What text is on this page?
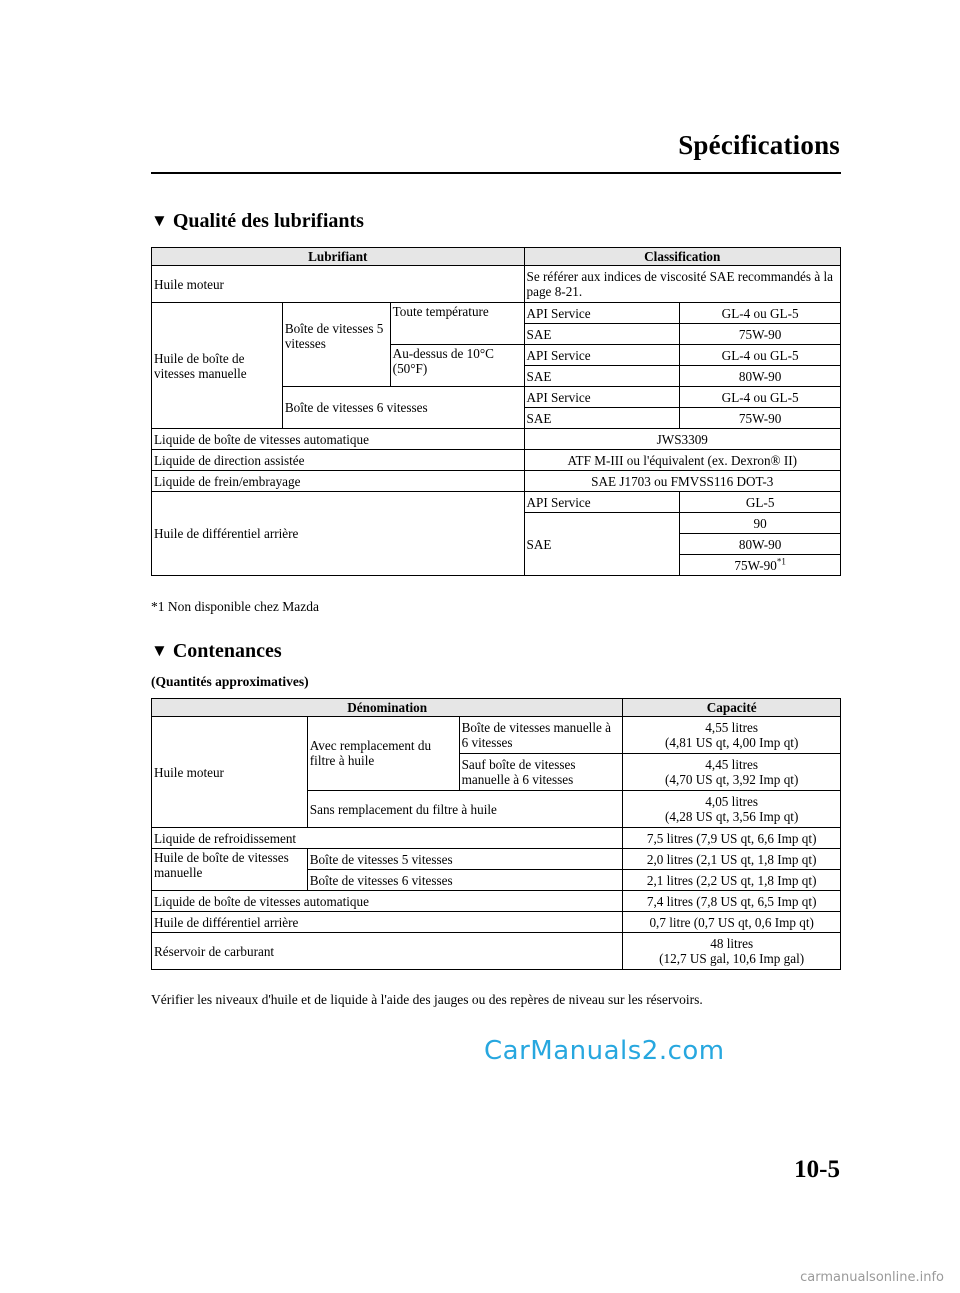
Spécifications
▼ Qualité des lubrifiants
Lubrifiant			Classification	
Huile moteur			Se référer aux indices de viscosité SAE recommandés à la page 8-21.	
Huile de boîte de vitesses manuelle	Boîte de vitesses 5 vitesses	Toute température	API Service	GL-4 ou GL-5
			SAE	75W-90
		Au-dessus de 10°C (50°F)	API Service	GL-4 ou GL-5
			SAE	80W-90
	Boîte de vitesses 6 vitesses		API Service	GL-4 ou GL-5
			SAE	75W-90
Liquide de boîte de vitesses automatique			JWS3309	
Liquide de direction assistée			ATF M-III ou l'équivalent (ex. Dexron® II)	
Liquide de frein/embrayage			SAE J1703 ou FMVSS116 DOT-3	
Huile de différentiel arrière			API Service	GL-5
			SAE	90
				80W-90
				75W-90$^{*1}$
*1 Non disponible chez Mazda
▼ Contenances
(Quantités approximatives)
Dénomination			Capacité
Huile moteur	Avec remplacement du filtre à huile	Boîte de vitesses manuelle à 6 vitesses	4,55 litres
(4,81 US qt, 4,00 Imp qt)

		Sauf boîte de vitesses manuelle à 6 vitesses	4,45 litres
(4,70 US qt, 3,92 Imp qt)

	Sans remplacement du filtre à huile		4,05 litres
(4,28 US qt, 3,56 Imp qt)

Liquide de refroidissement			7,5 litres (7,9 US qt, 6,6 Imp qt)
Huile de boîte de vitesses manuelle	Boîte de vitesses 5 vitesses		2,0 litres (2,1 US qt, 1,8 Imp qt)
	Boîte de vitesses 6 vitesses		2,1 litres (2,2 US qt, 1,8 Imp qt)
Liquide de boîte de vitesses automatique			7,4 litres (7,8 US qt, 6,5 Imp qt)
Huile de différentiel arrière			0,7 litre (0,7 US qt, 0,6 Imp qt)
Réservoir de carburant			48 litres
(12,7 US gal, 10,6 Imp gal)
Vérifier les niveaux d'huile et de liquide à l'aide des jauges ou des repères de niveau sur les réservoirs.
CarManuals2.com
10-5
carmanualsonline.info
